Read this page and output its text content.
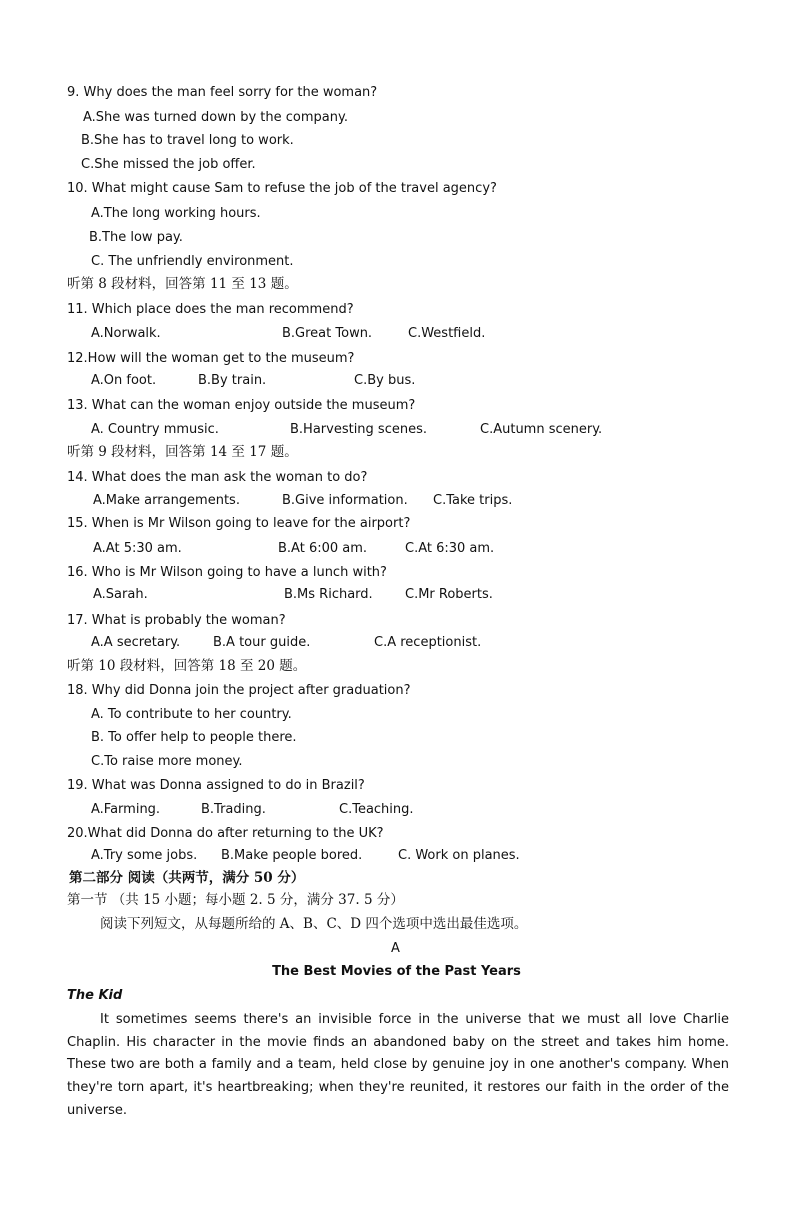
9. Why does the man feel sorry for the woman?
A.She was turned down by the company.
B.She has to travel long to work.
C.She missed the job offer.
10. What might cause Sam to refuse the job of the travel agency?
A.The long working hours.
B.The low pay.
C. The unfriendly environment.
听第 8 段材料，回答第 11 至 13 题。
11. Which place does the man recommend?
A.Norwalk.	B.Great Town.	C.Westfield.
12.How will the woman get to the museum?
A.On foot.	B.By train.	C.By bus.
13. What can the woman enjoy outside the museum?
A. Country mmusic.	B.Harvesting scenes.	C.Autumn scenery.
听第 9 段材料，回答第 14 至 17 题。
14. What does the man ask the woman to do?
A.Make arrangements.	B.Give information. C.Take trips.
15. When is Mr Wilson going to leave for the airport?
A.At 5:30 am.	B.At 6:00 am.	C.At 6:30 am.
16. Who is Mr Wilson going to have a lunch with?
A.Sarah.	B.Ms Richard. C.Mr Roberts.
17. What is probably the woman?
A.A secretary.	B.A tour guide.	C.A receptionist.
听第 10 段材料，回答第 18 至 20 题。
18. Why did Donna join the project after graduation?
A. To contribute to her country.
B. To offer help to people there.
C.To raise more money.
19. What was Donna assigned to do in Brazil?
A.Farming.	B.Trading.	C.Teaching.
20.What did Donna do after returning to the UK?
A.Try some jobs. B.Make people bored.	C. Work on planes.
第二部分 阅读（共两节，满分 50 分）
第一节 （共 15 小题；每小题 2. 5 分，满分 37. 5 分）
阅读下列短文，从每题所给的 A、B、C、D 四个选项中选出最佳选项。
A
The Best Movies of the Past Years
The Kid
It sometimes seems there's an invisible force in the universe that we must all love Charlie Chaplin. His character in the movie finds an abandoned baby on the street and takes him home. These two are both a family and a team, held close by genuine joy in one another's company. When they're torn apart, it's heartbreaking; when they're reunited, it restores our faith in the order of the universe.
